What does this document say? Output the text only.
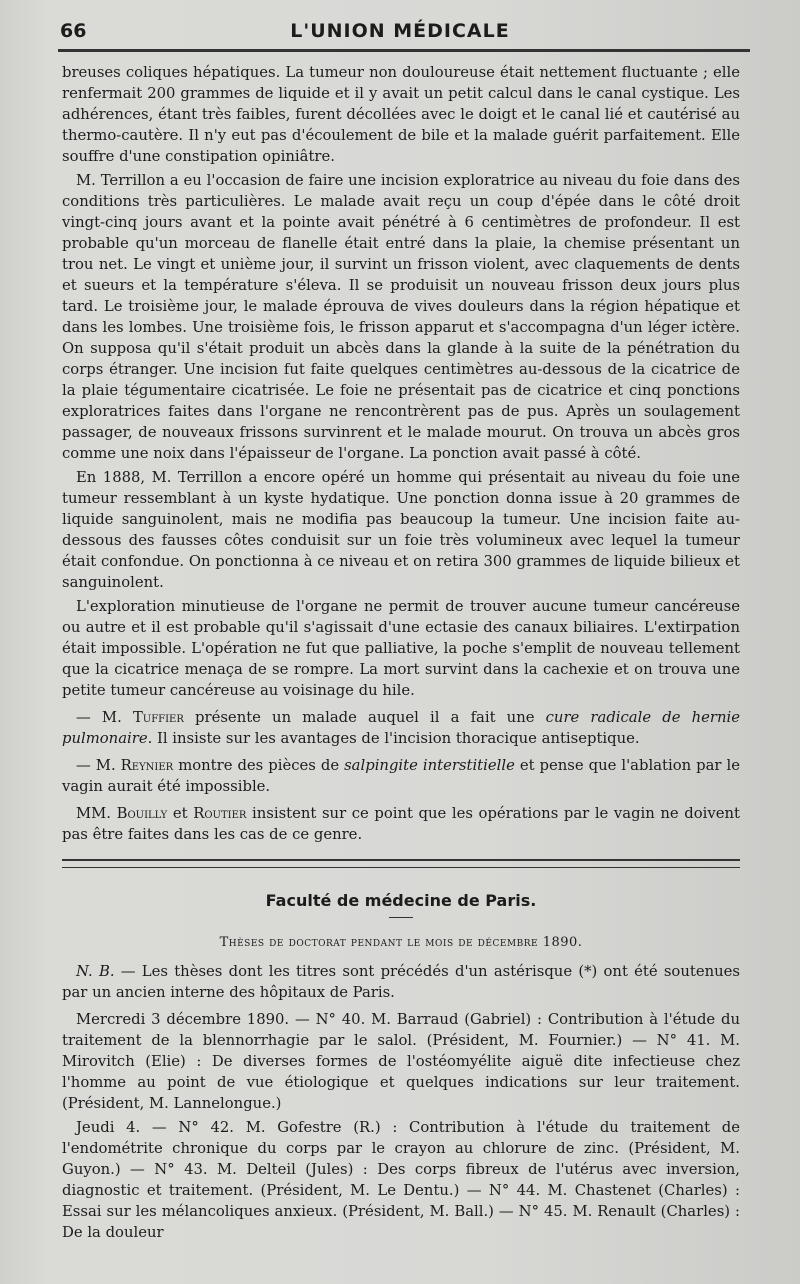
66	L'UNION MÉDICALE

breuses coliques hépatiques. La tumeur non douloureuse était nettement fluctuante ; elle renfermait 200 grammes de liquide et il y avait un petit calcul dans le canal cystique. Les adhérences, étant très faibles, furent décollées avec le doigt et le canal lié et cautérisé au thermo-cautère. Il n'y eut pas d'écoulement de bile et la malade guérit parfaitement. Elle souffre d'une constipation opiniâtre.

M. Terrillon a eu l'occasion de faire une incision exploratrice au niveau du foie dans des conditions très particulières. Le malade avait reçu un coup d'épée dans le côté droit vingt-cinq jours avant et la pointe avait pénétré à 6 centimètres de profondeur. Il est probable qu'un morceau de flanelle était entré dans la plaie, la chemise présentant un trou net. Le vingt et unième jour, il survint un frisson violent, avec claquements de dents et sueurs et la température s'éleva. Il se produisit un nouveau frisson deux jours plus tard. Le troisième jour, le malade éprouva de vives douleurs dans la région hépatique et dans les lombes. Une troisième fois, le frisson apparut et s'accompagna d'un léger ictère. On supposa qu'il s'était produit un abcès dans la glande à la suite de la pénétration du corps étranger. Une incision fut faite quelques centimètres au-dessous de la cicatrice de la plaie tégumentaire cicatrisée. Le foie ne présentait pas de cicatrice et cinq ponctions exploratrices faites dans l'organe ne rencontrèrent pas de pus. Après un soulagement passager, de nouveaux frissons survinrent et le malade mourut. On trouva un abcès gros comme une noix dans l'épaisseur de l'organe. La ponction avait passé à côté.

En 1888, M. Terrillon a encore opéré un homme qui présentait au niveau du foie une tumeur ressemblant à un kyste hydatique. Une ponction donna issue à 20 grammes de liquide sanguinolent, mais ne modifia pas beaucoup la tumeur. Une incision faite au-dessous des fausses côtes conduisit sur un foie très volumineux avec lequel la tumeur était confondue. On ponctionna à ce niveau et on retira 300 grammes de liquide bilieux et sanguinolent.

L'exploration minutieuse de l'organe ne permit de trouver aucune tumeur cancéreuse ou autre et il est probable qu'il s'agissait d'une ectasie des canaux biliaires. L'extirpation était impossible. L'opération ne fut que palliative, la poche s'emplit de nouveau tellement que la cicatrice menaça de se rompre. La mort survint dans la cachexie et on trouva une petite tumeur cancéreuse au voisinage du hile.

— M. Tuffier présente un malade auquel il a fait une cure radicale de hernie pulmonaire. Il insiste sur les avantages de l'incision thoracique antiseptique.

— M. Reynier montre des pièces de salpingite interstitielle et pense que l'ablation par le vagin aurait été impossible.

MM. Bouilly et Routier insistent sur ce point que les opérations par le vagin ne doivent pas être faites dans les cas de ce genre.

Faculté de médecine de Paris.
Thèses de doctorat pendant le mois de décembre 1890.

N. B. — Les thèses dont les titres sont précédés d'un astérisque (*) ont été soutenues par un ancien interne des hôpitaux de Paris.

Mercredi 3 décembre 1890. — N° 40. M. Barraud (Gabriel) : Contribution à l'étude du traitement de la blennorrhagie par le salol. (Président, M. Fournier.) — N° 41. M. Mirovitch (Elie) : De diverses formes de l'ostéomyélite aiguë dite infectieuse chez l'homme au point de vue étiologique et quelques indications sur leur traitement. (Président, M. Lannelongue.)

Jeudi 4. — N° 42. M. Gofestre (R.) : Contribution à l'étude du traitement de l'endométrite chronique du corps par le crayon au chlorure de zinc. (Président, M. Guyon.) — N° 43. M. Delteil (Jules) : Des corps fibreux de l'utérus avec inversion, diagnostic et traitement. (Président, M. Le Dentu.) — N° 44. M. Chastenet (Charles) : Essai sur les mélancoliques anxieux. (Président, M. Ball.) — N° 45. M. Renault (Charles) : De la douleur
